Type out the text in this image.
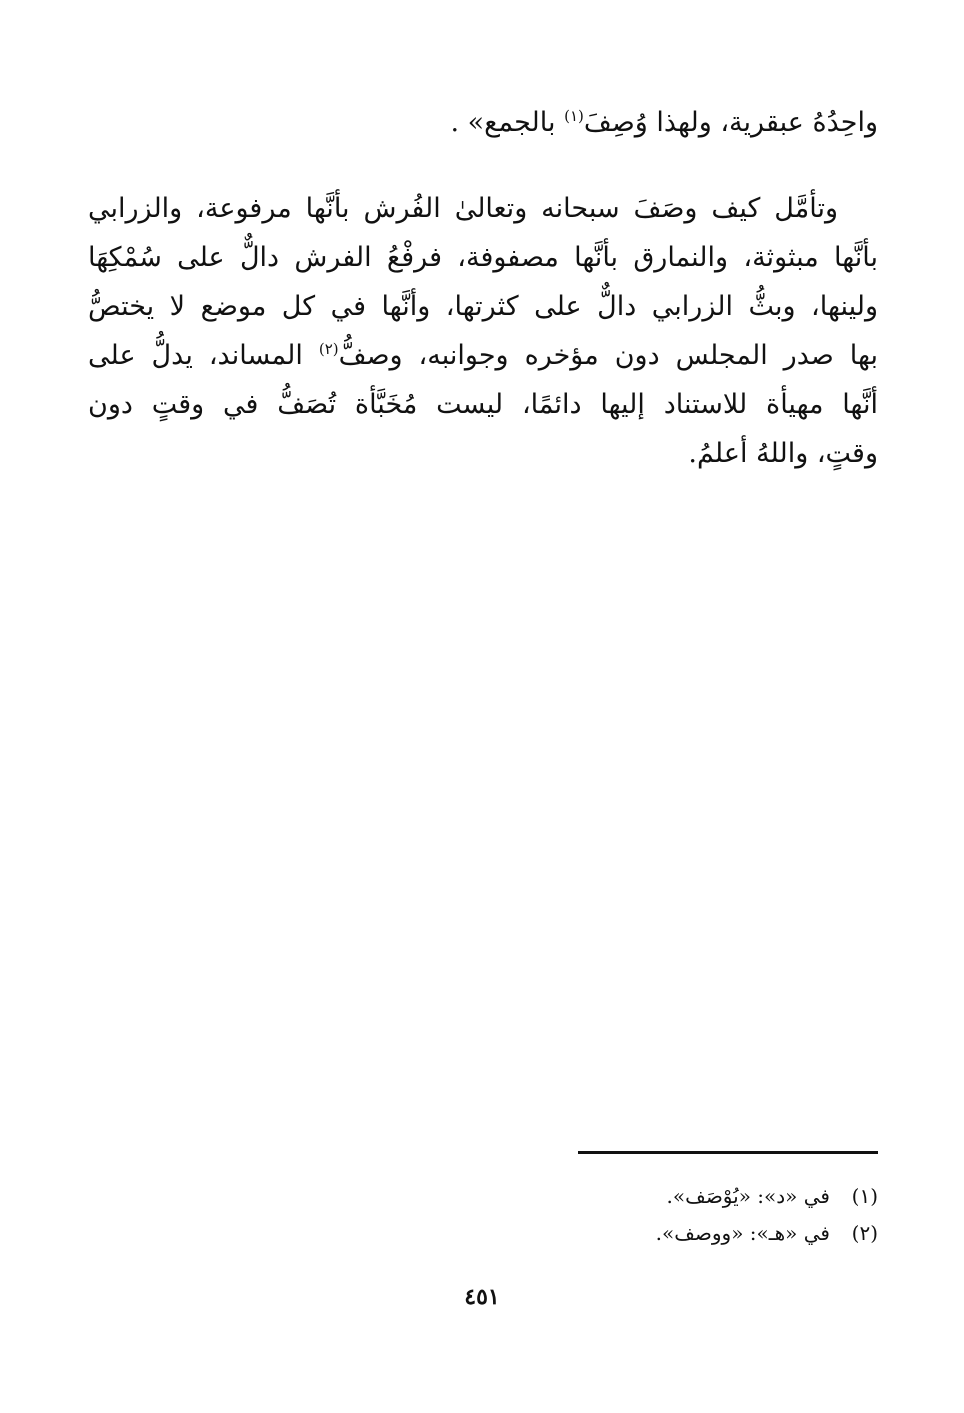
واحِدُهُ عبقرية، ولهذا وُصِفَ$^{(١)}$ بالجمع» .

وتأمَّل كيف وصَفَ سبحانه وتعالىٰ الفُرش بأنَّها مرفوعة، والزرابي
بأنَّها مبثوثة، والنمارق بأنَّها مصفوفة، فرفْعُ الفرش دالٌّ على سُمْكِهَا
ولينها، وبثُّ الزرابي دالٌّ على كثرتها، وأنَّها في كل موضع لا يختصُّ
بها صدر المجلس دون مؤخره وجوانبه، وصفُّ$^{(٢)}$ المساند، يدلُّ على
أنَّها مهيأة للاستناد إليها دائمًا، ليست مُخَبَّأة تُصَفُّ في وقتٍ دون
وقتٍ، واللهُ أعلمُ.

(١)في «د»: «يُوْصَف».
(٢)في «هـ»: «ووصف».
٤٥١
